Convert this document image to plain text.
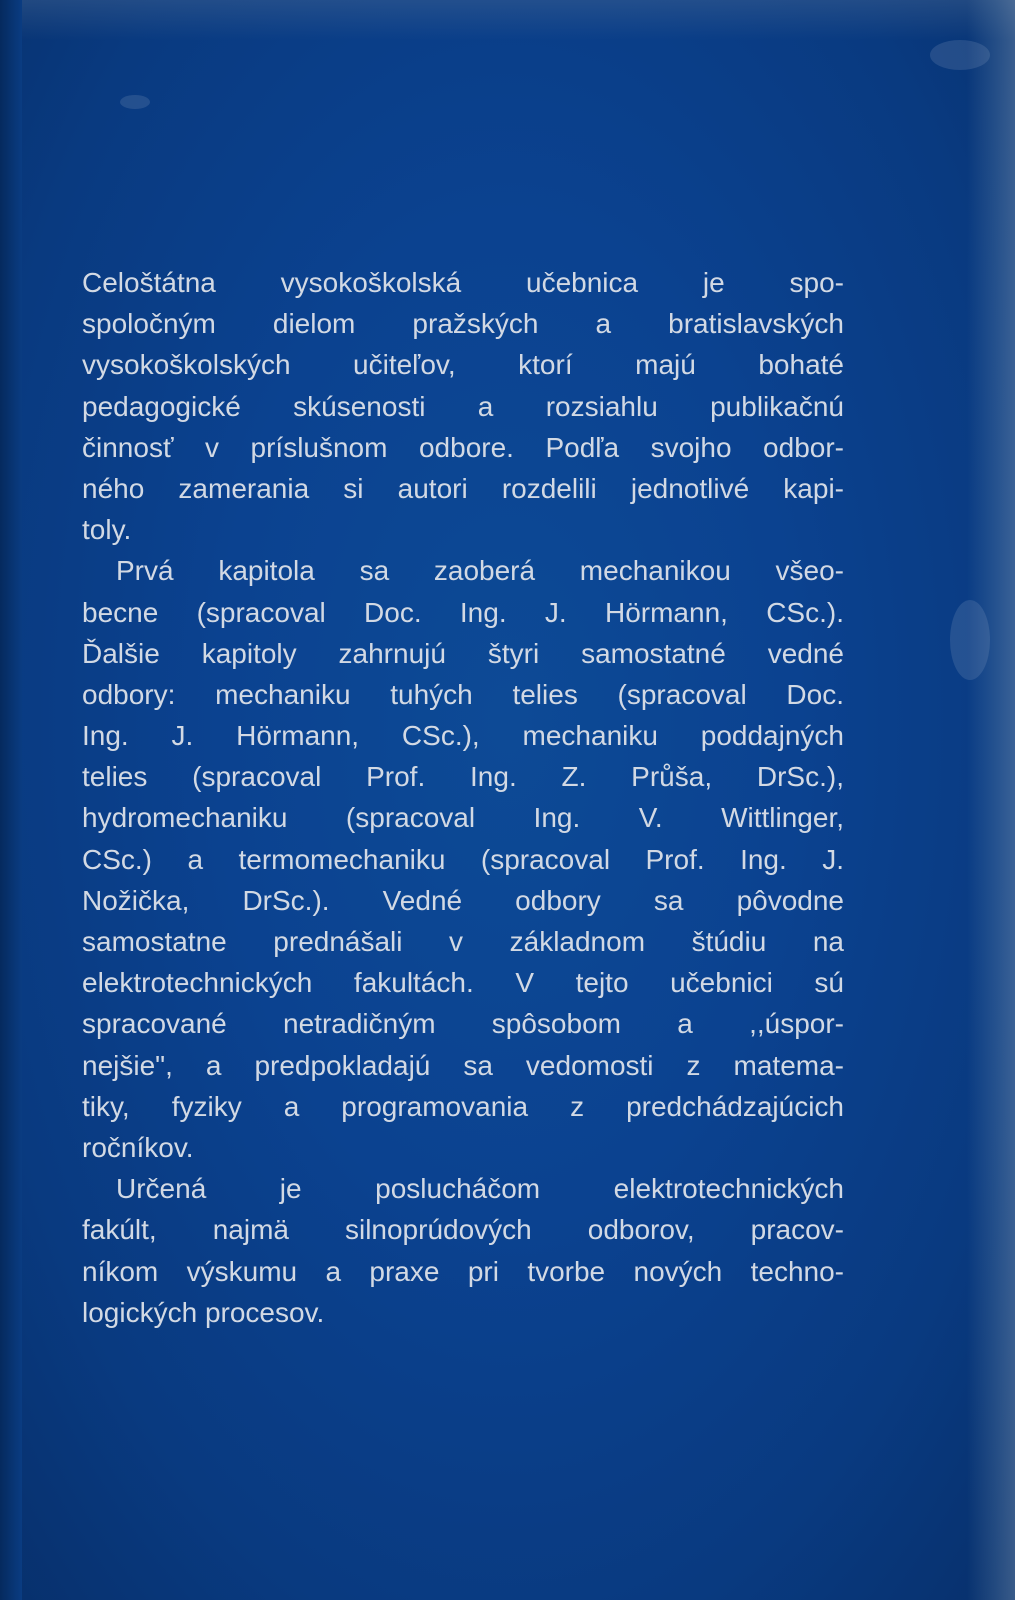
Celoštátna vysokoškolská učebnica je spo-
spoločným dielom pražských a bratislavských
vysokoškolských učiteľov, ktorí majú bohaté
pedagogické skúsenosti a rozsiahlu publikačnú
činnosť v príslušnom odbore. Podľa svojho odbor-
ného zamerania si autori rozdelili jednotlivé kapi-
toly.
Prvá kapitola sa zaoberá mechanikou všeo-
becne (spracoval Doc. Ing. J. Hörmann, CSc.).
Ďalšie kapitoly zahrnujú štyri samostatné vedné
odbory: mechaniku tuhých telies (spracoval Doc.
Ing. J. Hörmann, CSc.), mechaniku poddajných
telies (spracoval Prof. Ing. Z. Průša, DrSc.),
hydromechaniku (spracoval Ing. V. Wittlinger,
CSc.) a termomechaniku (spracoval Prof. Ing. J.
Nožička, DrSc.). Vedné odbory sa pôvodne
samostatne prednášali v základnom štúdiu na
elektrotechnických fakultách. V tejto učebnici sú
spracované netradičným spôsobom a ,,úspor-
nejšie", a predpokladajú sa vedomosti z matema-
tiky, fyziky a programovania z predchádzajúcich
ročníkov.
Určená je poslucháčom elektrotechnických
fakúlt, najmä silnoprúdových odborov, pracov-
níkom výskumu a praxe pri tvorbe nových techno-
logických procesov.
